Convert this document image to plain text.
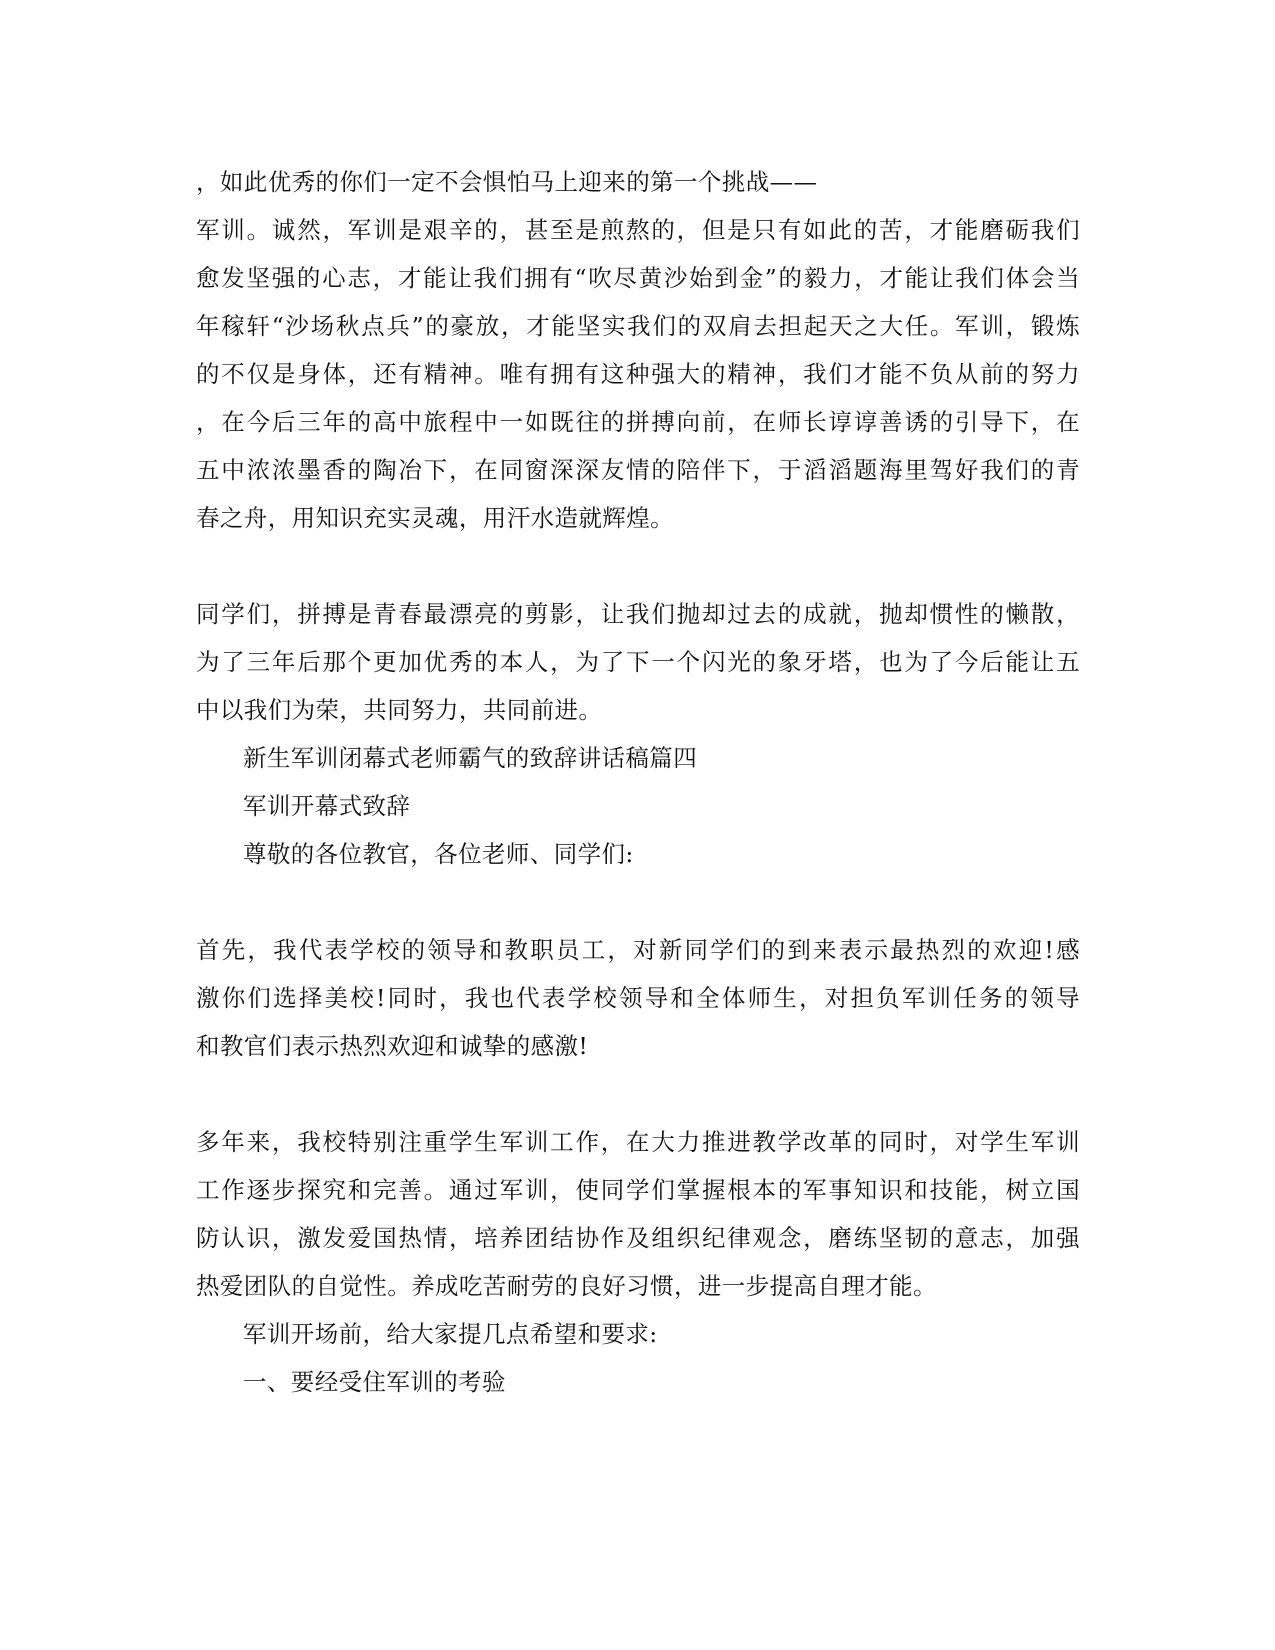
，如此优秀的你们一定不会惧怕马上迎来的第一个挑战——
军训。诚然，军训是艰辛的，甚至是煎熬的，但是只有如此的苦，才能磨砺我们
愈发坚强的心志，才能让我们拥有“吹尽黄沙始到金”的毅力，才能让我们体会当
年稼轩“沙场秋点兵”的豪放，才能坚实我们的双肩去担起天之大任。军训，锻炼
的不仅是身体，还有精神。唯有拥有这种强大的精神，我们才能不负从前的努力
，在今后三年的高中旅程中一如既往的拼搏向前，在师长谆谆善诱的引导下，在
五中浓浓墨香的陶冶下，在同窗深深友情的陪伴下，于滔滔题海里驾好我们的青
春之舟，用知识充实灵魂，用汗水造就辉煌。
同学们，拼搏是青春最漂亮的剪影，让我们抛却过去的成就，抛却惯性的懒散，
为了三年后那个更加优秀的本人，为了下一个闪光的象牙塔，也为了今后能让五
中以我们为荣，共同努力，共同前进。
新生军训闭幕式老师霸气的致辞讲话稿篇四
军训开幕式致辞
尊敬的各位教官，各位老师、同学们:
首先，我代表学校的领导和教职员工，对新同学们的到来表示最热烈的欢迎!感
激你们选择美校!同时，我也代表学校领导和全体师生，对担负军训任务的领导
和教官们表示热烈欢迎和诚挚的感激!
多年来，我校特别注重学生军训工作，在大力推进教学改革的同时，对学生军训
工作逐步探究和完善。通过军训，使同学们掌握根本的军事知识和技能，树立国
防认识，激发爱国热情，培养团结协作及组织纪律观念，磨练坚韧的意志，加强
热爱团队的自觉性。养成吃苦耐劳的良好习惯，进一步提高自理才能。
军训开场前，给大家提几点希望和要求:
一、要经受住军训的考验
